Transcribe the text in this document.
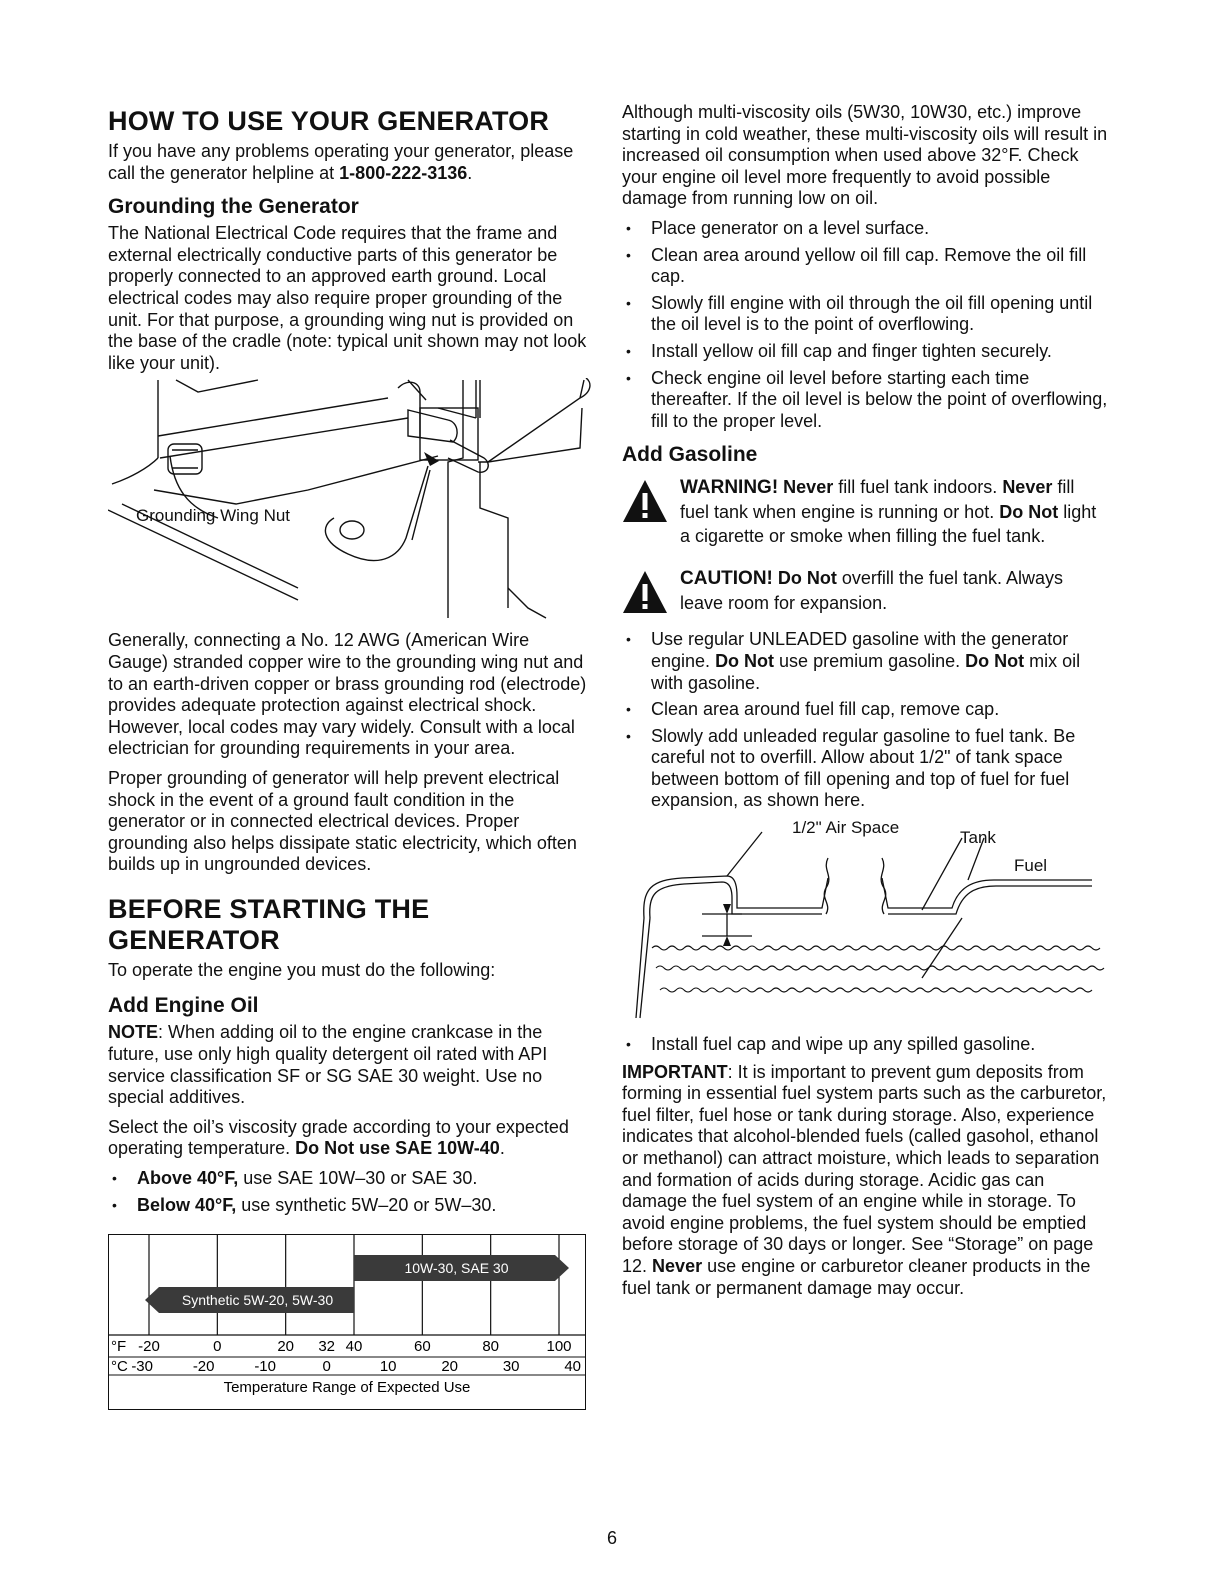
HOW TO USE YOUR GENERATOR

If you have any problems operating your generator, please call the generator helpline at 1-800-222-3136.

Grounding the Generator

The National Electrical Code requires that the frame and external electrically conductive parts of this generator be properly connected to an approved earth ground. Local electrical codes may also require proper grounding of the unit. For that purpose, a grounding wing nut is provided on the base of the cradle (note: typical unit shown may not look like your unit).

Grounding Wing Nut

Generally, connecting a No. 12 AWG (American Wire Gauge) stranded copper wire to the grounding wing nut and to an earth-driven copper or brass grounding rod (electrode) provides adequate protection against electrical shock. However, local codes may vary widely. Consult with a local electrician for grounding requirements in your area.

Proper grounding of generator will help prevent electrical shock in the event of a ground fault condition in the generator or in connected electrical devices. Proper grounding also helps dissipate static electricity, which often builds up in ungrounded devices.

BEFORE STARTING THE
GENERATOR

To operate the engine you must do the following:

Add Engine Oil

NOTE: When adding oil to the engine crankcase in the future, use only high quality detergent oil rated with API service classification SF or SG SAE 30 weight. Use no special additives.

Select the oil’s viscosity grade according to your expected operating temperature. Do Not use SAE 10W-40.

• Above 40°F, use SAE 10W–30 or SAE 30.
• Below 40°F, use synthetic 5W–20 or 5W–30.
10W-30, SAE 30
Synthetic 5W-20, 5W-30
°F -20	0	20 32 40	60	80	100
°C -30	-20	-10	0	10	20	30	40
Temperature Range of Expected Use

Although multi-viscosity oils (5W30, 10W30, etc.) improve starting in cold weather, these multi-viscosity oils will result in increased oil consumption when used above 32°F. Check your engine oil level more frequently to avoid possible damage from running low on oil.

• Place generator on a level surface.
• Clean area around yellow oil fill cap. Remove the oil fill cap.
• Slowly fill engine with oil through the oil fill opening until the oil level is to the point of overflowing.
• Install yellow oil fill cap and finger tighten securely.
• Check engine oil level before starting each time thereafter. If the oil level is below the point of overflowing, fill to the proper level.
Add Gasoline
WARNING! Never fill fuel tank indoors. Never fill fuel tank when engine is running or hot. Do Not light a cigarette or smoke when filling the fuel tank.
CAUTION! Do Not overfill the fuel tank. Always leave room for expansion.
• Use regular UNLEADED gasoline with the generator engine. Do Not use premium gasoline. Do Not mix oil with gasoline.
• Clean area around fuel fill cap, remove cap.
• Slowly add unleaded regular gasoline to fuel tank. Be careful not to overfill. Allow about 1/2" of tank space between bottom of fill opening and top of fuel for fuel expansion, as shown here.
1/2" Air Space
Tank
Fuel
• Install fuel cap and wipe up any spilled gasoline.

IMPORTANT: It is important to prevent gum deposits from forming in essential fuel system parts such as the carburetor, fuel filter, fuel hose or tank during storage. Also, experience indicates that alcohol-blended fuels (called gasohol, ethanol or methanol) can attract moisture, which leads to separation and formation of acids during storage. Acidic gas can damage the fuel system of an engine while in storage. To avoid engine problems, the fuel system should be emptied before storage of 30 days or longer. See “Storage” on page 12. Never use engine or carburetor cleaner products in the fuel tank or permanent damage may occur.

6
